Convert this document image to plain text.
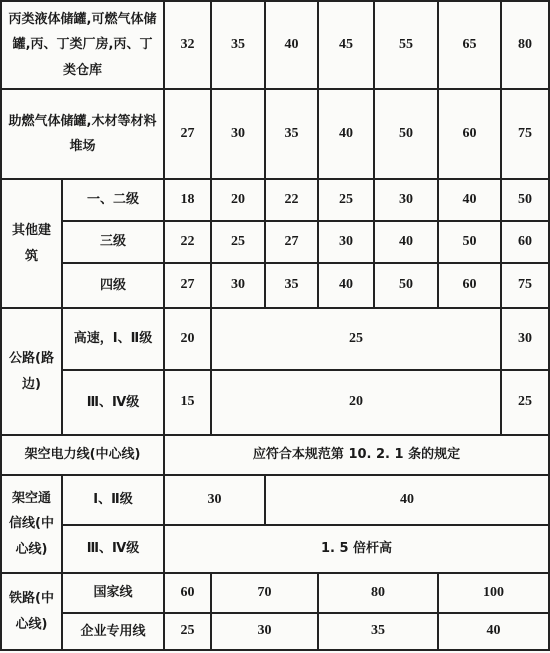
丙类液体储罐,可燃气体储罐,丙、丁类厂房,丙、丁类仓库		32	35	40	45	55	65	80
助燃气体储罐,木材等材料堆场		27	30	35	40	50	60	75
其他建筑	一、二级	18	20	22	25	30	40	50
	三级	22	25	27	30	40	50	60
	四级	27	30	35	40	50	60	75
公路(路边)	高速，Ⅰ、Ⅱ级	20	25					30
	Ⅲ、Ⅳ级	15	20					25
架空电力线(中心线)		应符合本规范第 10. 2. 1 条的规定						
架空通信线(中心线)	Ⅰ、Ⅱ级	30		40				
	Ⅲ、Ⅳ级	1. 5 倍杆高						
铁路(中心线)	国家线	60	70		80		100	
	企业专用线	25	30		35		40	
